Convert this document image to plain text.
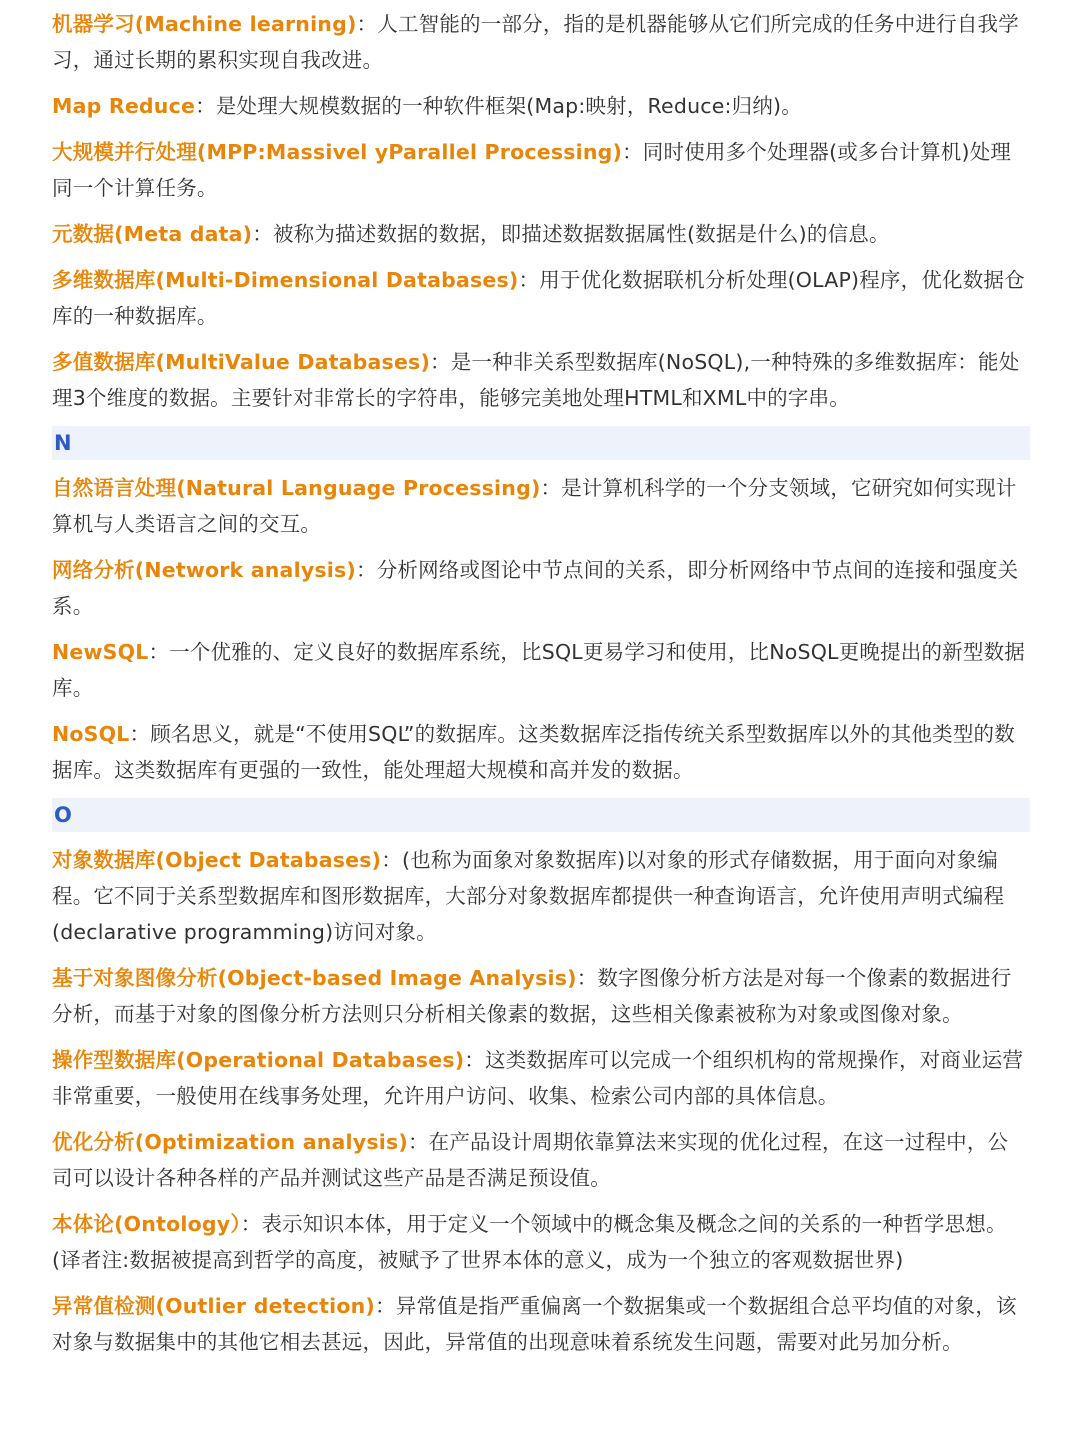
机器学习(Machine learning)：人工智能的一部分，指的是机器能够从它们所完成的任务中进行自我学习，通过长期的累积实现自我改进。

Map Reduce：是处理大规模数据的一种软件框架(Map:映射，Reduce:归纳)。

大规模并行处理(MPP:Massivel yParallel Processing)：同时使用多个处理器(或多台计算机)处理同一个计算任务。

元数据(Meta data)：被称为描述数据的数据，即描述数据数据属性(数据是什么)的信息。

多维数据库(Multi-Dimensional Databases)：用于优化数据联机分析处理(OLAP)程序，优化数据仓库的一种数据库。

多值数据库(MultiValue Databases)：是一种非关系型数据库(NoSQL),一种特殊的多维数据库：能处理3个维度的数据。主要针对非常长的字符串，能够完美地处理HTML和XML中的字串。

N

自然语言处理(Natural Language Processing)：是计算机科学的一个分支领域，它研究如何实现计算机与人类语言之间的交互。

网络分析(Network analysis)：分析网络或图论中节点间的关系，即分析网络中节点间的连接和强度关系。

NewSQL：一个优雅的、定义良好的数据库系统，比SQL更易学习和使用，比NoSQL更晚提出的新型数据库。

NoSQL：顾名思义，就是“不使用SQL”的数据库。这类数据库泛指传统关系型数据库以外的其他类型的数据库。这类数据库有更强的一致性，能处理超大规模和高并发的数据。

O

对象数据库(Object Databases)：(也称为面象对象数据库)以对象的形式存储数据，用于面向对象编程。它不同于关系型数据库和图形数据库，大部分对象数据库都提供一种查询语言，允许使用声明式编程(declarative programming)访问对象。

基于对象图像分析(Object-based Image Analysis)：数字图像分析方法是对每一个像素的数据进行分析，而基于对象的图像分析方法则只分析相关像素的数据，这些相关像素被称为对象或图像对象。

操作型数据库(Operational Databases)：这类数据库可以完成一个组织机构的常规操作，对商业运营非常重要，一般使用在线事务处理，允许用户访问、收集、检索公司内部的具体信息。

优化分析(Optimization analysis)：在产品设计周期依靠算法来实现的优化过程，在这一过程中，公司可以设计各种各样的产品并测试这些产品是否满足预设值。

本体论(Ontology）：表示知识本体，用于定义一个领域中的概念集及概念之间的关系的一种哲学思想。(译者注:数据被提高到哲学的高度，被赋予了世界本体的意义，成为一个独立的客观数据世界)

异常值检测(Outlier detection)：异常值是指严重偏离一个数据集或一个数据组合总平均值的对象，该对象与数据集中的其他它相去甚远，因此，异常值的出现意味着系统发生问题，需要对此另加分析。
